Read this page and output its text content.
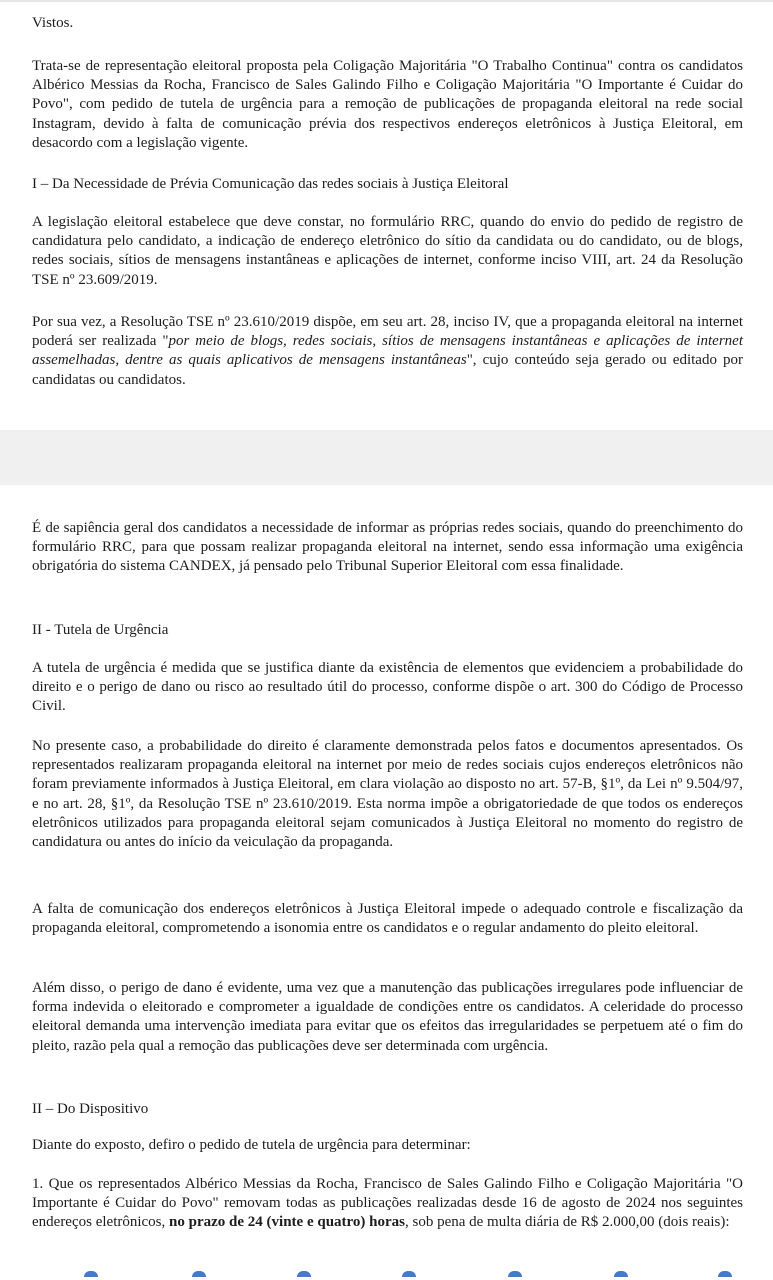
Vistos.

Trata-se de representação eleitoral proposta pela Coligação Majoritária "O Trabalho Continua" contra os candidatos Albérico Messias da Rocha, Francisco de Sales Galindo Filho e Coligação Majoritária "O Importante é Cuidar do Povo", com pedido de tutela de urgência para a remoção de publicações de propaganda eleitoral na rede social Instagram, devido à falta de comunicação prévia dos respectivos endereços eletrônicos à Justiça Eleitoral, em desacordo com a legislação vigente.

I – Da Necessidade de Prévia Comunicação das redes sociais à Justiça Eleitoral

A legislação eleitoral estabelece que deve constar, no formulário RRC, quando do envio do pedido de registro de candidatura pelo candidato, a indicação de endereço eletrônico do sítio da candidata ou do candidato, ou de blogs, redes sociais, sítios de mensagens instantâneas e aplicações de internet, conforme inciso VIII, art. 24 da Resolução TSE nº 23.609/2019.

Por sua vez, a Resolução TSE nº 23.610/2019 dispõe, em seu art. 28, inciso IV, que a propaganda eleitoral na internet poderá ser realizada "por meio de blogs, redes sociais, sítios de mensagens instantâneas e aplicações de internet assemelhadas, dentre as quais aplicativos de mensagens instantâneas", cujo conteúdo seja gerado ou editado por candidatas ou candidatos.

É de sapiência geral dos candidatos a necessidade de informar as próprias redes sociais, quando do preenchimento do formulário RRC, para que possam realizar propaganda eleitoral na internet, sendo essa informação uma exigência obrigatória do sistema CANDEX, já pensado pelo Tribunal Superior Eleitoral com essa finalidade.

II - Tutela de Urgência

A tutela de urgência é medida que se justifica diante da existência de elementos que evidenciem a probabilidade do direito e o perigo de dano ou risco ao resultado útil do processo, conforme dispõe o art. 300 do Código de Processo Civil.

No presente caso, a probabilidade do direito é claramente demonstrada pelos fatos e documentos apresentados. Os representados realizaram propaganda eleitoral na internet por meio de redes sociais cujos endereços eletrônicos não foram previamente informados à Justiça Eleitoral, em clara violação ao disposto no art. 57-B, §1º, da Lei nº 9.504/97, e no art. 28, §1º, da Resolução TSE nº 23.610/2019. Esta norma impõe a obrigatoriedade de que todos os endereços eletrônicos utilizados para propaganda eleitoral sejam comunicados à Justiça Eleitoral no momento do registro de candidatura ou antes do início da veiculação da propaganda.

A falta de comunicação dos endereços eletrônicos à Justiça Eleitoral impede o adequado controle e fiscalização da propaganda eleitoral, comprometendo a isonomia entre os candidatos e o regular andamento do pleito eleitoral.

Além disso, o perigo de dano é evidente, uma vez que a manutenção das publicações irregulares pode influenciar de forma indevida o eleitorado e comprometer a igualdade de condições entre os candidatos. A celeridade do processo eleitoral demanda uma intervenção imediata para evitar que os efeitos das irregularidades se perpetuem até o fim do pleito, razão pela qual a remoção das publicações deve ser determinada com urgência.

II – Do Dispositivo

Diante do exposto, defiro o pedido de tutela de urgência para determinar:

1. Que os representados Albérico Messias da Rocha, Francisco de Sales Galindo Filho e Coligação Majoritária "O Importante é Cuidar do Povo" removam todas as publicações realizadas desde 16 de agosto de 2024 nos seguintes endereços eletrônicos, no prazo de 24 (vinte e quatro) horas, sob pena de multa diária de R$ 2.000,00 (dois reais):
